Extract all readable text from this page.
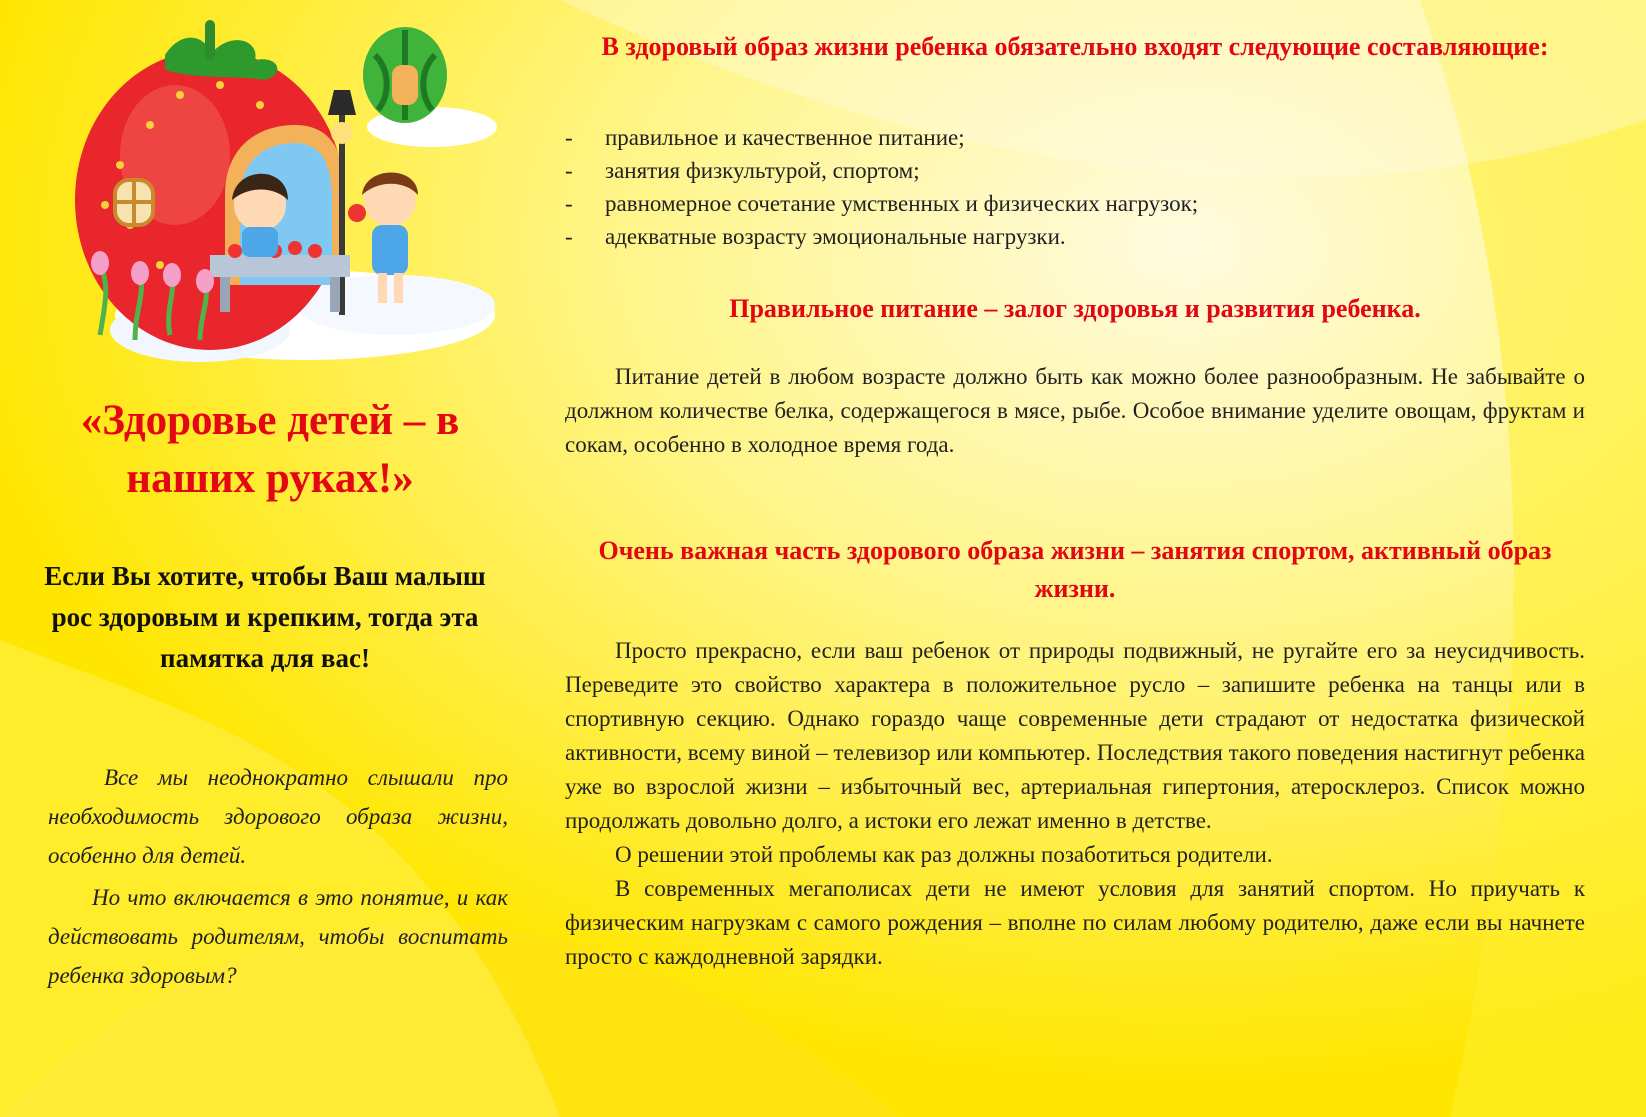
«Здоровье детей – в наших руках!»

Если Вы хотите, чтобы Ваш малыш рос здоровым и крепким, тогда эта памятка для вас!

Все мы неоднократно слышали про необходимость здорового образа жизни, особенно для детей.

Но что включается в это понятие, и как действовать родителям, чтобы воспитать ребенка здоровым?

В здоровый образ жизни ребенка обязательно входят следующие составляющие:
-	правильное и качественное питание;
-	занятия физкультурой, спортом;
-	равномерное сочетание умственных и физических нагрузок;
-	адекватные возрасту эмоциональные нагрузки.
Правильное питание – залог здоровья и развития ребенка.

Питание детей в любом возрасте должно быть как можно более разнообразным. Не забывайте о должном количестве белка, содержащегося в мясе, рыбе. Особое внимание уделите овощам, фруктам и сокам, особенно в холодное время года.

Очень важная часть здорового образа жизни – занятия спортом, активный образ жизни.

Просто прекрасно, если ваш ребенок от природы подвижный, не ругайте его за неусидчивость. Переведите это свойство характера в положительное русло – запишите ребенка на танцы или в спортивную секцию. Однако гораздо чаще современные дети страдают от недостатка физической активности, всему виной – телевизор или компьютер. Последствия такого поведения настигнут ребенка уже во взрослой жизни – избыточный вес, артериальная гипертония, атеросклероз. Список можно продолжать довольно долго, а истоки его лежат именно в детстве.

О решении этой проблемы как раз должны позаботиться родители.

В современных мегаполисах дети не имеют условия для занятий спортом. Но приучать к физическим нагрузкам с самого рождения – вполне по силам любому родителю, даже если вы начнете просто с каждодневной зарядки.
